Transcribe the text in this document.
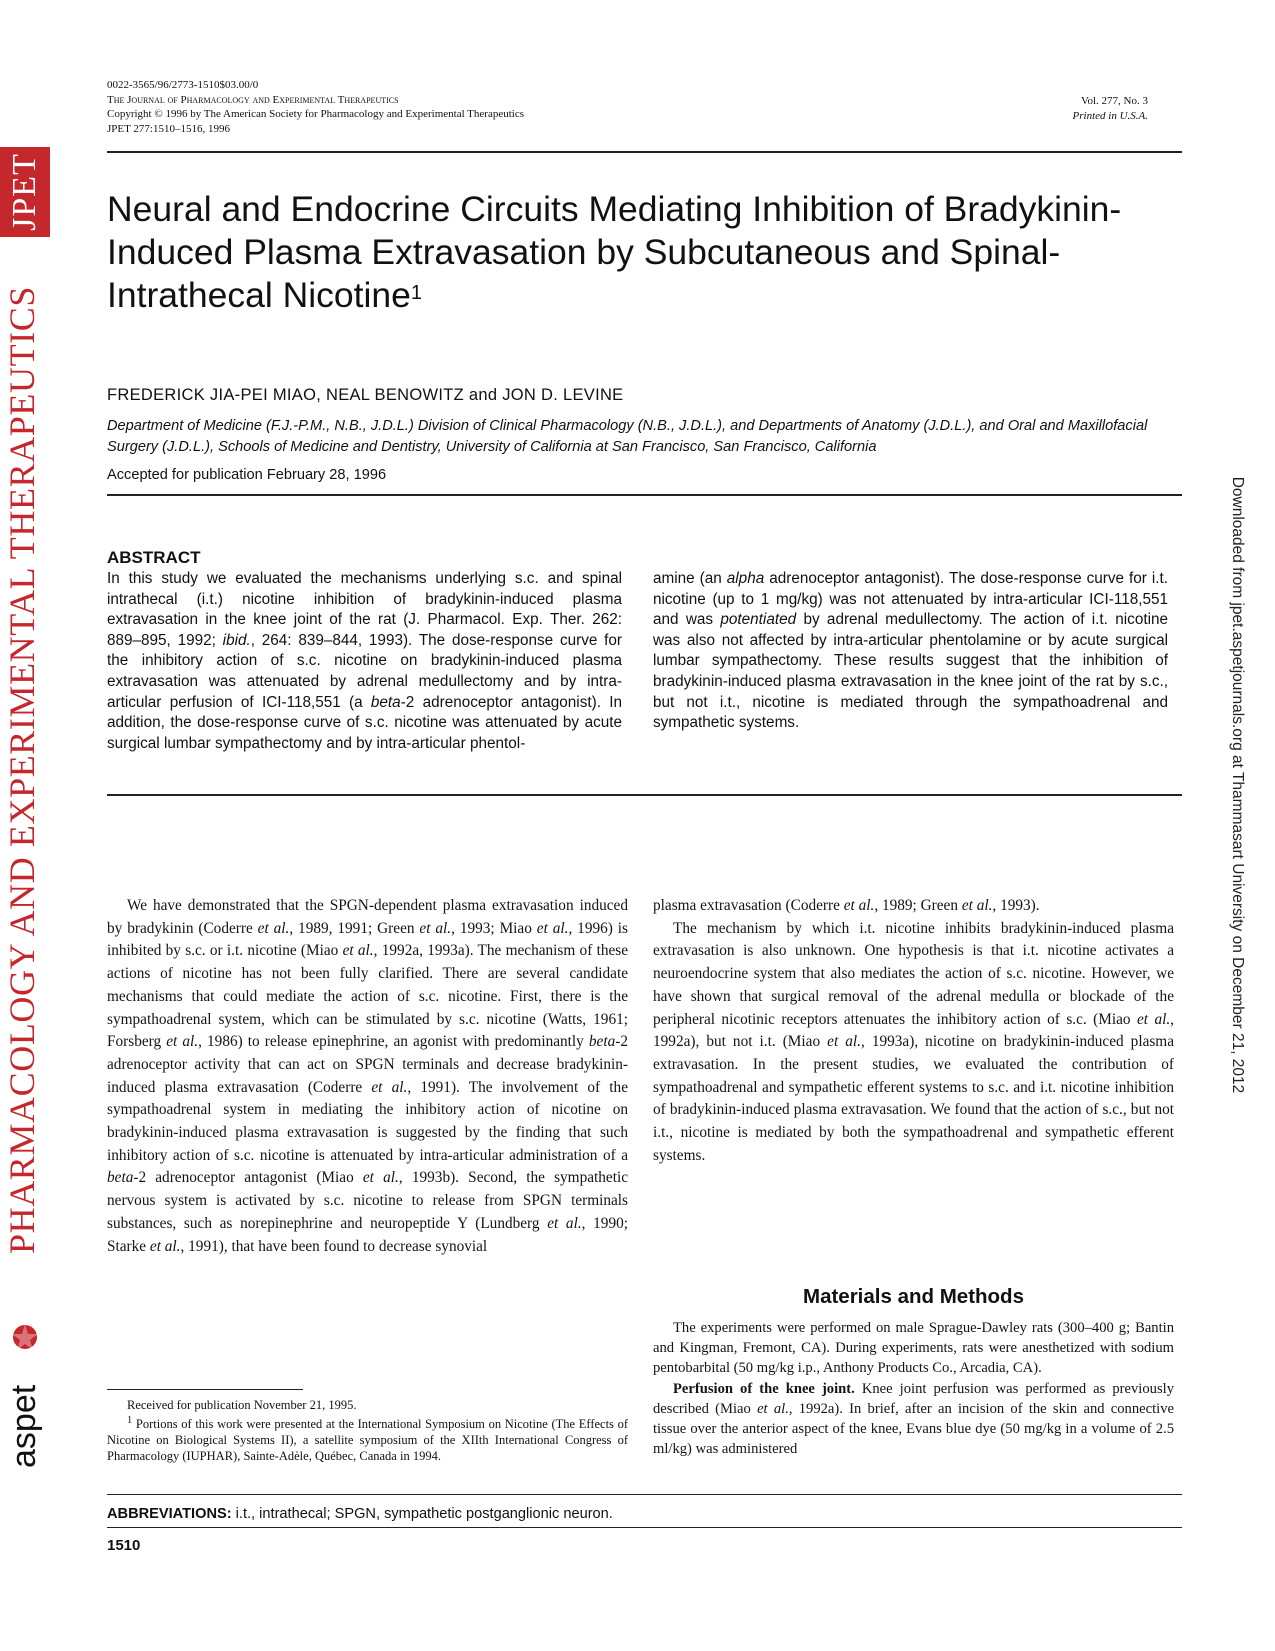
JPET
PHARMACOLOGY AND EXPERIMENTAL THERAPEUTICS
aspet
Downloaded from jpet.aspetjournals.org at Thammasart University on December 21, 2012
0022-3565/96/2773-1510$03.00/0
The Journal of Pharmacology and Experimental Therapeutics
Copyright © 1996 by The American Society for Pharmacology and Experimental Therapeutics
JPET 277:1510–1516, 1996
Vol. 277, No. 3
Printed in U.S.A.
Neural and Endocrine Circuits Mediating Inhibition of Bradykinin-Induced Plasma Extravasation by Subcutaneous and Spinal-Intrathecal Nicotine$^1$
FREDERICK JIA-PEI MIAO, NEAL BENOWITZ and JON D. LEVINE
Department of Medicine (F.J.-P.M., N.B., J.D.L.) Division of Clinical Pharmacology (N.B., J.D.L.), and Departments of Anatomy (J.D.L.), and Oral and Maxillofacial Surgery (J.D.L.), Schools of Medicine and Dentistry, University of California at San Francisco, San Francisco, California
Accepted for publication February 28, 1996
ABSTRACT
In this study we evaluated the mechanisms underlying s.c. and spinal intrathecal (i.t.) nicotine inhibition of bradykinin-induced plasma extravasation in the knee joint of the rat (J. Pharmacol. Exp. Ther. 262: 889–895, 1992; ibid., 264: 839–844, 1993). The dose-response curve for the inhibitory action of s.c. nicotine on bradykinin-induced plasma extravasation was attenuated by adrenal medullectomy and by intra-articular perfusion of ICI-118,551 (a beta-2 adrenoceptor antagonist). In addition, the dose-response curve of s.c. nicotine was attenuated by acute surgical lumbar sympathectomy and by intra-articular phentol-
amine (an alpha adrenoceptor antagonist). The dose-response curve for i.t. nicotine (up to 1 mg/kg) was not attenuated by intra-articular ICI-118,551 and was potentiated by adrenal medullectomy. The action of i.t. nicotine was also not affected by intra-articular phentolamine or by acute surgical lumbar sympathectomy. These results suggest that the inhibition of bradykinin-induced plasma extravasation in the knee joint of the rat by s.c., but not i.t., nicotine is mediated through the sympathoadrenal and sympathetic systems.

We have demonstrated that the SPGN-dependent plasma extravasation induced by bradykinin (Coderre et al., 1989, 1991; Green et al., 1993; Miao et al., 1996) is inhibited by s.c. or i.t. nicotine (Miao et al., 1992a, 1993a). The mechanism of these actions of nicotine has not been fully clarified. There are several candidate mechanisms that could mediate the action of s.c. nicotine. First, there is the sympathoadrenal system, which can be stimulated by s.c. nicotine (Watts, 1961; Forsberg et al., 1986) to release epinephrine, an agonist with predominantly beta-2 adrenoceptor activity that can act on SPGN terminals and decrease bradykinin-induced plasma extravasation (Coderre et al., 1991). The involvement of the sympathoadrenal system in mediating the inhibitory action of nicotine on bradykinin-induced plasma extravasation is suggested by the finding that such inhibitory action of s.c. nicotine is attenuated by intra-articular administration of a beta-2 adrenoceptor antagonist (Miao et al., 1993b). Second, the sympathetic nervous system is activated by s.c. nicotine to release from SPGN terminals substances, such as norepinephrine and neuropeptide Y (Lundberg et al., 1990; Starke et al., 1991), that have been found to decrease synovial

plasma extravasation (Coderre et al., 1989; Green et al., 1993).

The mechanism by which i.t. nicotine inhibits bradykinin-induced plasma extravasation is also unknown. One hypothesis is that i.t. nicotine activates a neuroendocrine system that also mediates the action of s.c. nicotine. However, we have shown that surgical removal of the adrenal medulla or blockade of the peripheral nicotinic receptors attenuates the inhibitory action of s.c. (Miao et al., 1992a), but not i.t. (Miao et al., 1993a), nicotine on bradykinin-induced plasma extravasation. In the present studies, we evaluated the contribution of sympathoadrenal and sympathetic efferent systems to s.c. and i.t. nicotine inhibition of bradykinin-induced plasma extravasation. We found that the action of s.c., but not i.t., nicotine is mediated by both the sympathoadrenal and sympathetic efferent systems.

Materials and Methods

The experiments were performed on male Sprague-Dawley rats (300–400 g; Bantin and Kingman, Fremont, CA). During experiments, rats were anesthetized with sodium pentobarbital (50 mg/kg i.p., Anthony Products Co., Arcadia, CA).

Perfusion of the knee joint. Knee joint perfusion was performed as previously described (Miao et al., 1992a). In brief, after an incision of the skin and connective tissue over the anterior aspect of the knee, Evans blue dye (50 mg/kg in a volume of 2.5 ml/kg) was administered

Received for publication November 21, 1995.

$^1$ Portions of this work were presented at the International Symposium on Nicotine (The Effects of Nicotine on Biological Systems II), a satellite symposium of the XIIth International Congress of Pharmacology (IUPHAR), Sainte-Adèle, Québec, Canada in 1994.

ABBREVIATIONS: i.t., intrathecal; SPGN, sympathetic postganglionic neuron.
1510
